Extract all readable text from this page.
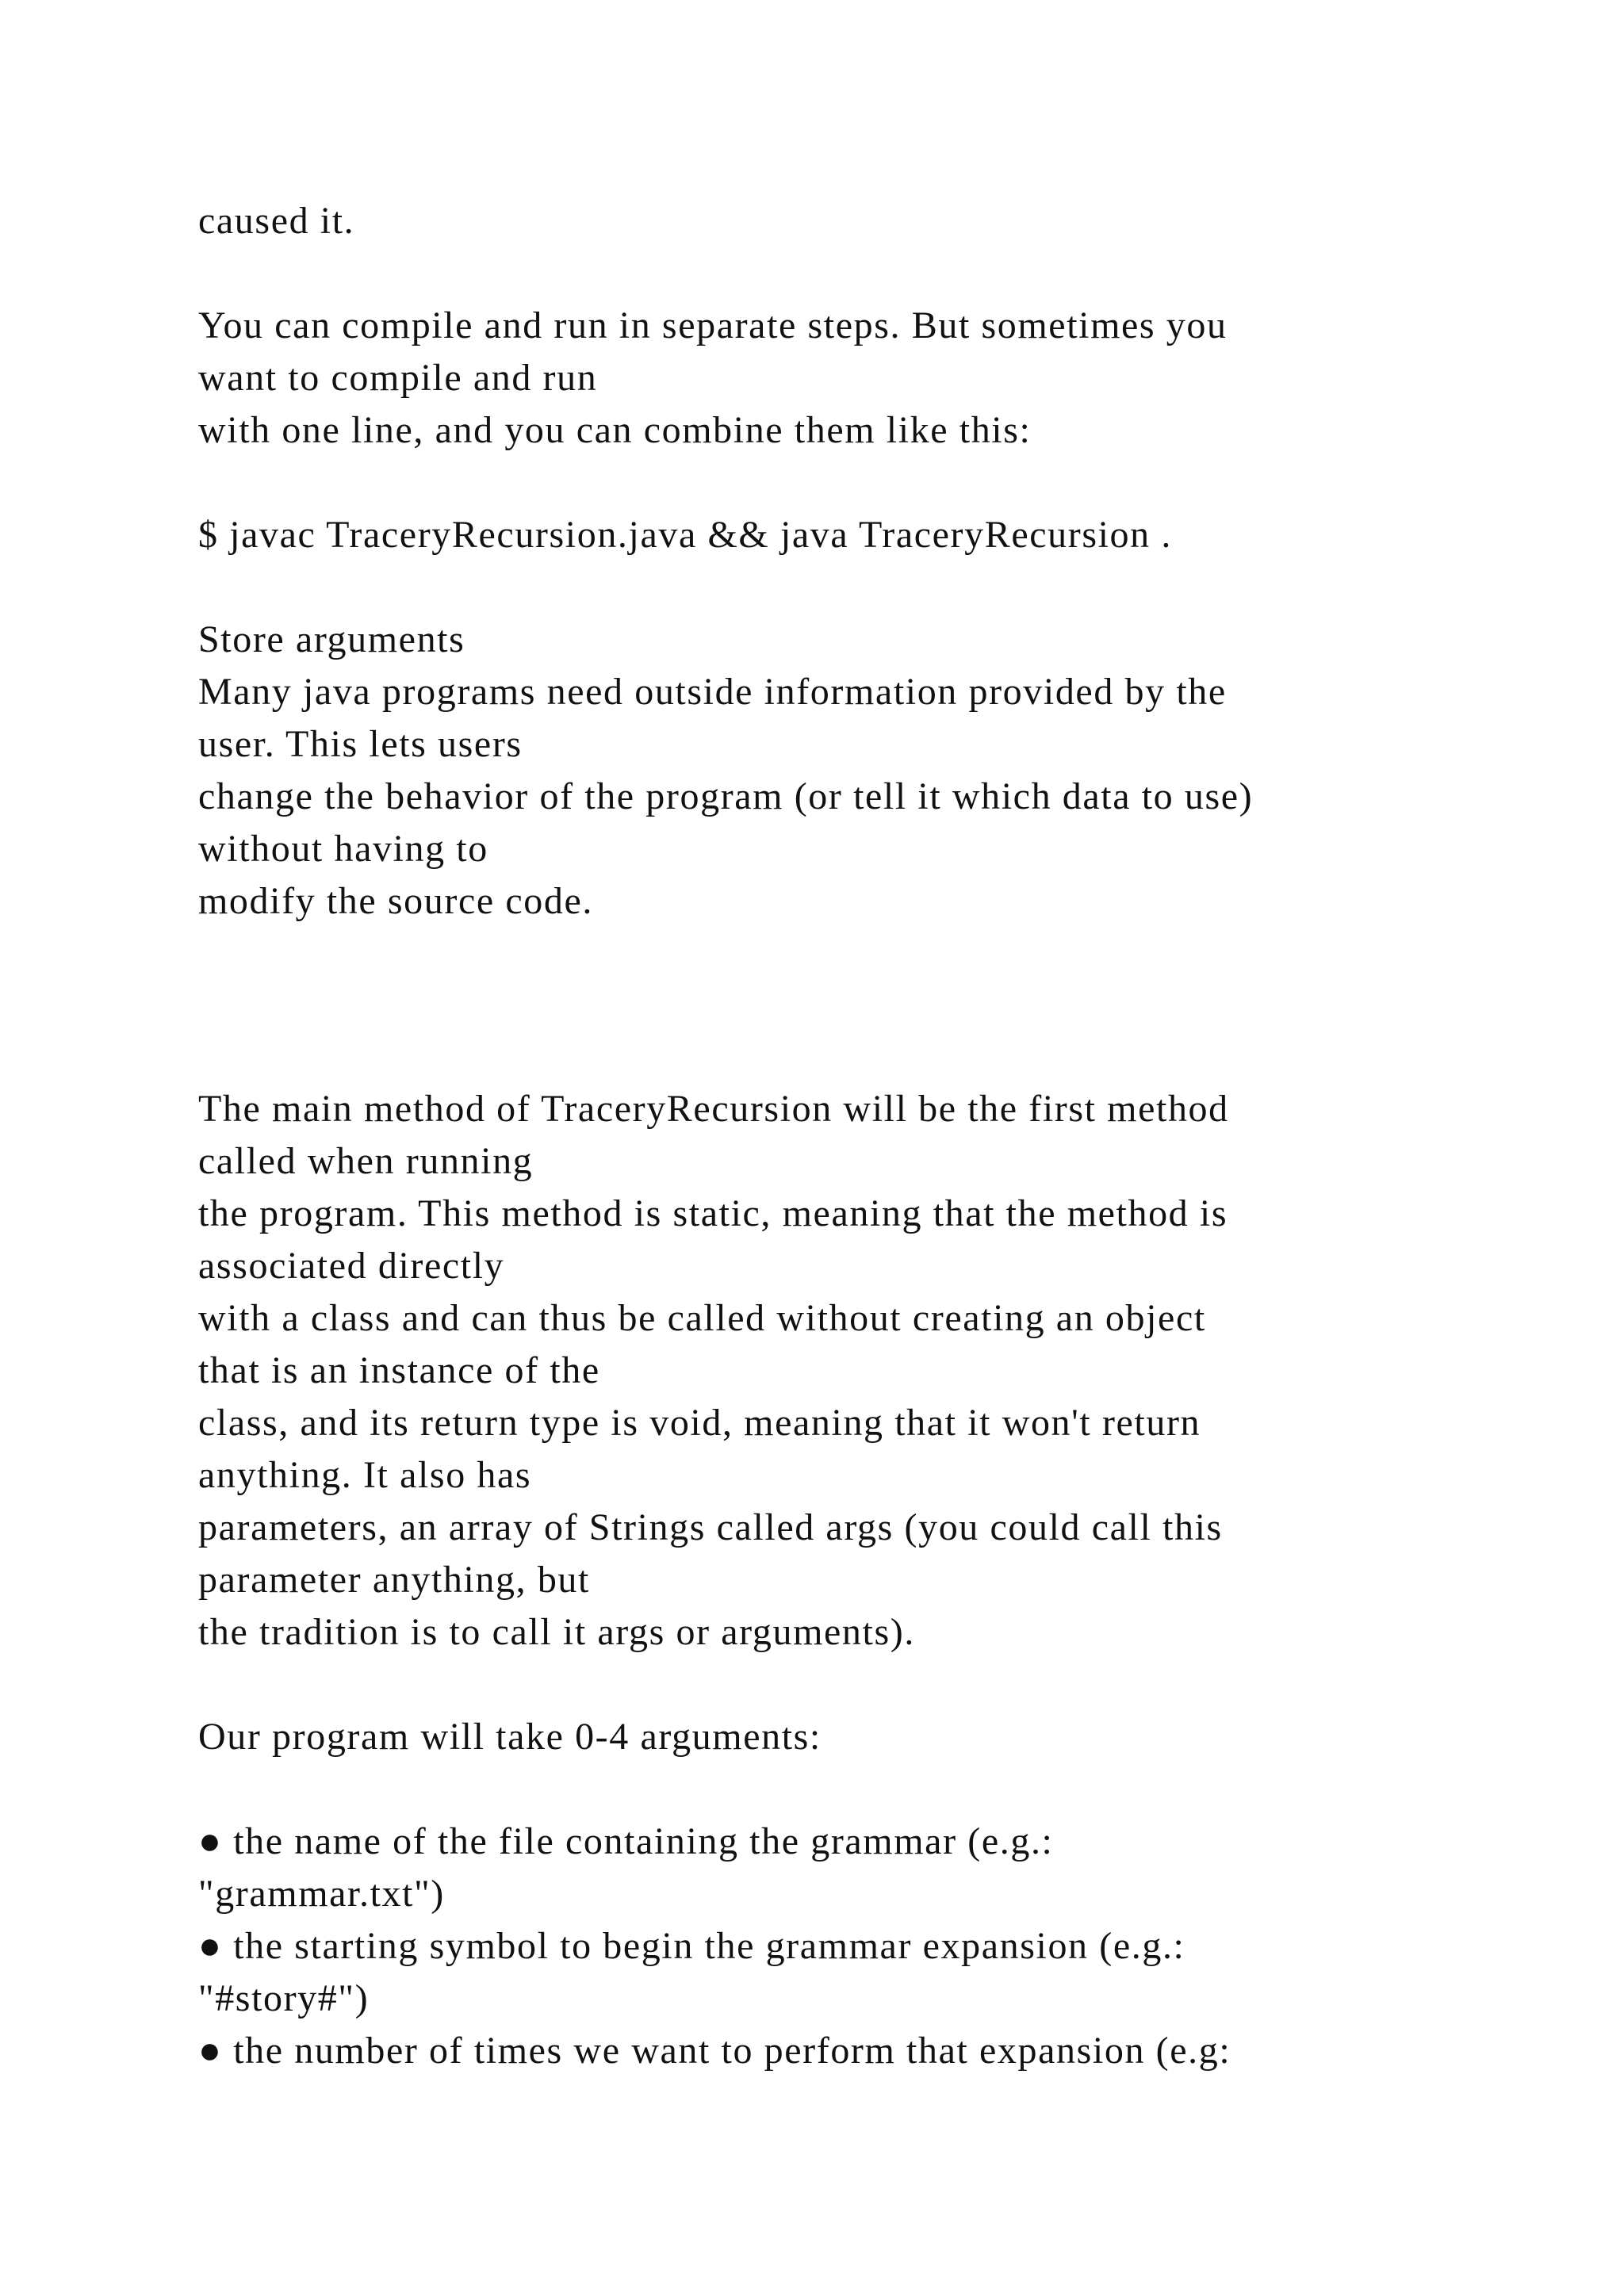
caused it.

You can compile and run in separate steps. But sometimes you

want to compile and run

with one line, and you can combine them like this:

$ javac TraceryRecursion.java && java TraceryRecursion .

Store arguments

Many java programs need outside information provided by the

user. This lets users

change the behavior of the program (or tell it which data to use)

without having to

modify the source code.

The main method of TraceryRecursion will be the first method

called when running

the program. This method is static, meaning that the method is

associated directly

with a class and can thus be called without creating an object

that is an instance of the

class, and its return type is void, meaning that it won't return

anything. It also has

parameters, an array of Strings called args (you could call this

parameter anything, but

the tradition is to call it args or arguments).

Our program will take 0-4 arguments:

● the name of the file containing the grammar (e.g.:

"grammar.txt")

● the starting symbol to begin the grammar expansion (e.g.:

"#story#")

● the number of times we want to perform that expansion (e.g:
